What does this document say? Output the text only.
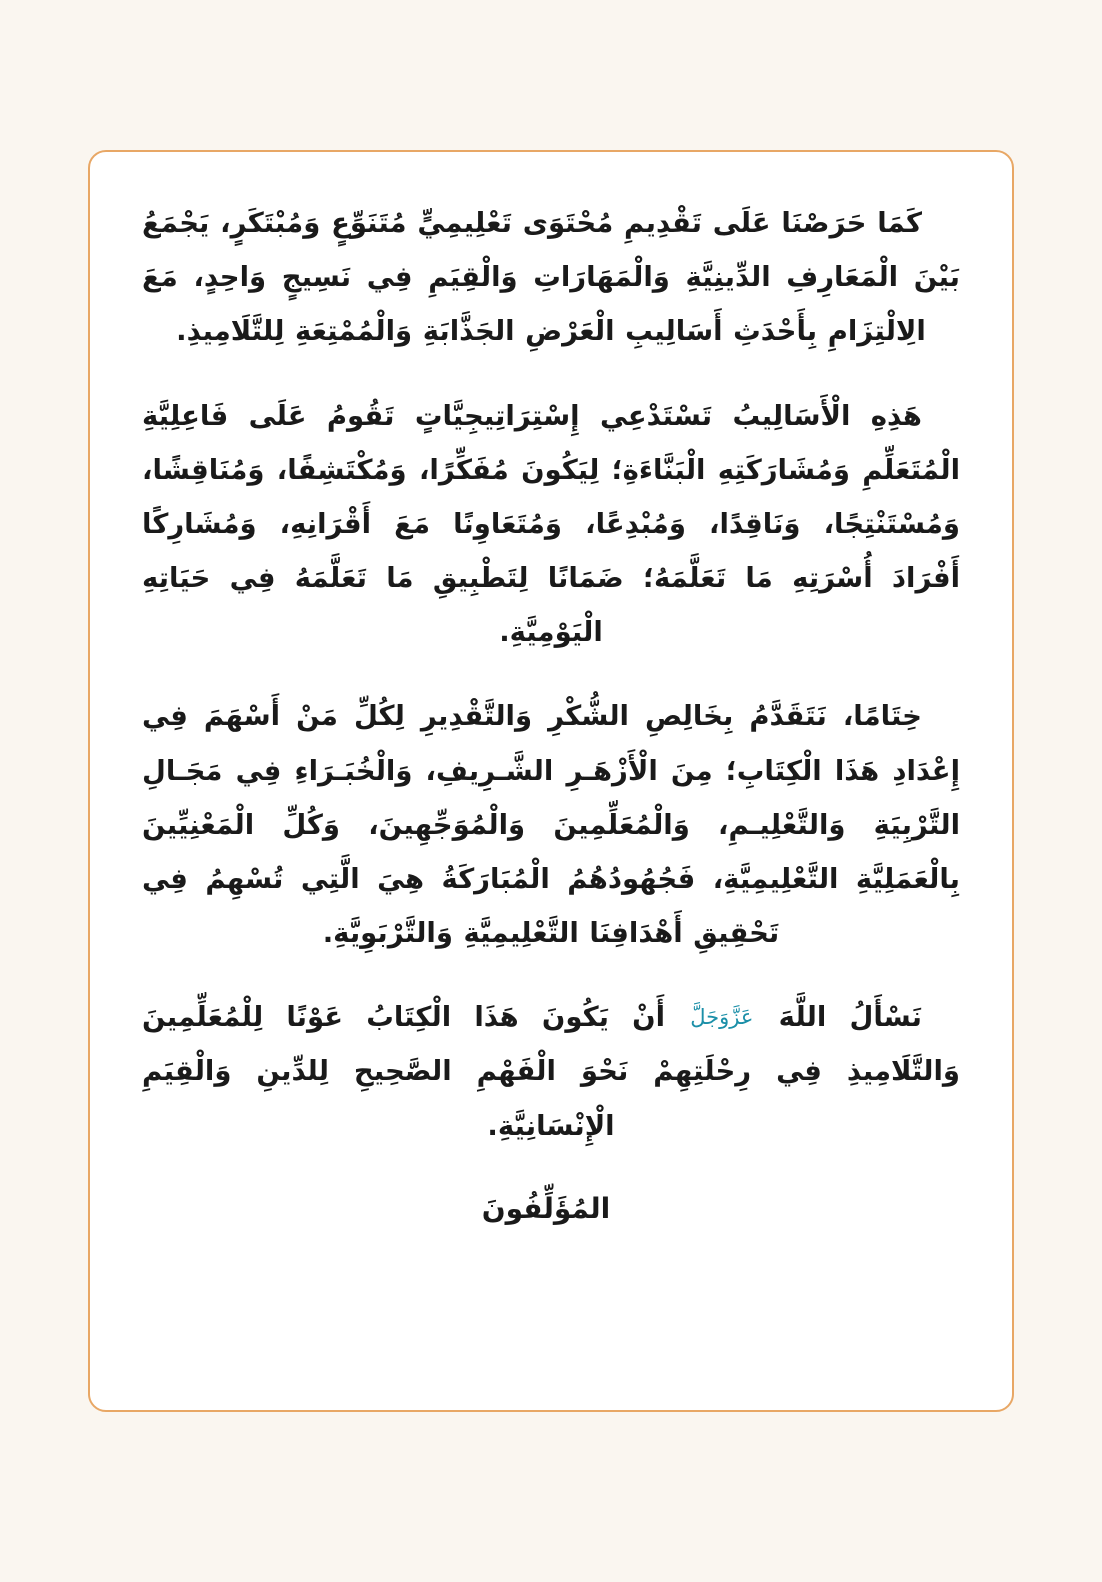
كَمَا حَرَصْنَا عَلَى تَقْدِيمِ مُحْتَوَى تَعْلِيمِيٍّ مُتَنَوِّعٍ وَمُبْتَكَرٍ، يَجْمَعُ بَيْنَ الْمَعَارِفِ الدِّينِيَّةِ وَالْمَهَارَاتِ وَالْقِيَمِ فِي نَسِيجٍ وَاحِدٍ، مَعَ الِالْتِزَامِ بِأَحْدَثِ أَسَالِيبِ الْعَرْضِ الجَذَّابَةِ وَالْمُمْتِعَةِ لِلتَّلَامِيذِ.

هَذِهِ الْأَسَالِيبُ تَسْتَدْعِي إِسْتِرَاتِيجِيَّاتٍ تَقُومُ عَلَى فَاعِلِيَّةِ الْمُتَعَلِّمِ وَمُشَارَكَتِهِ الْبَنَّاءَةِ؛ لِيَكُونَ مُفَكِّرًا، وَمُكْتَشِفًا، وَمُنَاقِشًا، وَمُسْتَنْتِجًا، وَنَاقِدًا، وَمُبْدِعًا، وَمُتَعَاوِنًا مَعَ أَقْرَانِهِ، وَمُشَارِكًا أَفْرَادَ أُسْرَتِهِ مَا تَعَلَّمَهُ؛ ضَمَانًا لِتَطْبِيقِ مَا تَعَلَّمَهُ فِي حَيَاتِهِ الْيَوْمِيَّةِ.

خِتَامًا، نَتَقَدَّمُ بِخَالِصِ الشُّكْرِ وَالتَّقْدِيرِ لِكُلِّ مَنْ أَسْهَمَ فِي إِعْدَادِ هَذَا الْكِتَابِ؛ مِنَ الْأَزْهَـرِ الشَّـرِيفِ، وَالْخُبَـرَاءِ فِي مَجَـالِ التَّرْبِيَةِ وَالتَّعْلِيـمِ، وَالْمُعَلِّمِينَ وَالْمُوَجِّهِينَ، وَكُلِّ الْمَعْنِيِّينَ بِالْعَمَلِيَّةِ التَّعْلِيمِيَّةِ، فَجُهُودُهُمُ الْمُبَارَكَةُ هِيَ الَّتِي تُسْهِمُ فِي تَحْقِيقِ أَهْدَافِنَا التَّعْلِيمِيَّةِ وَالتَّرْبَوِيَّةِ.

نَسْأَلُ اللَّهَ عَزَّوَجَلَّ أَنْ يَكُونَ هَذَا الْكِتَابُ عَوْنًا لِلْمُعَلِّمِينَ وَالتَّلَامِيذِ فِي رِحْلَتِهِمْ نَحْوَ الْفَهْمِ الصَّحِيحِ لِلدِّينِ وَالْقِيَمِ الْإِنْسَانِيَّةِ.

المُؤَلِّفُونَ
